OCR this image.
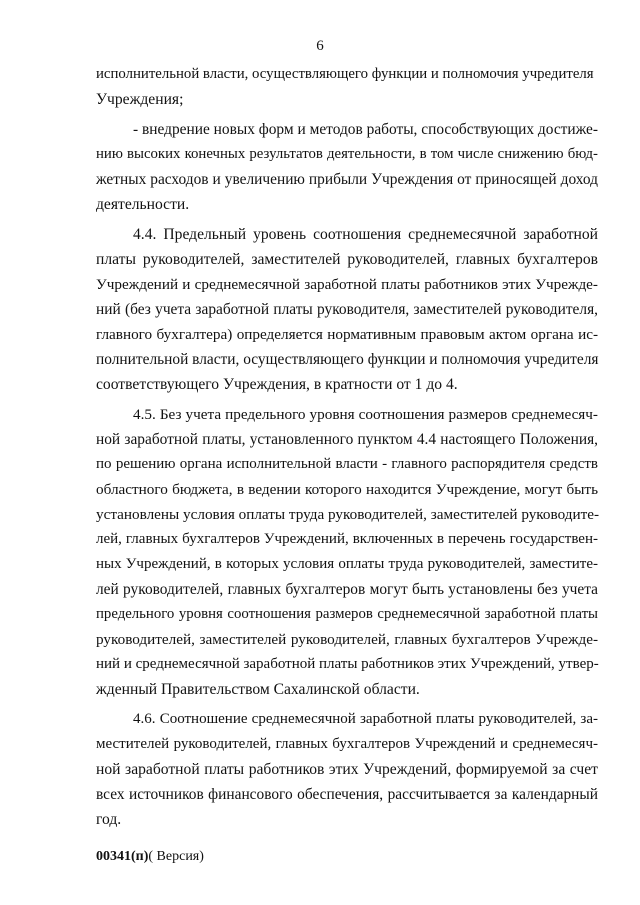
6
исполнительной власти, осуществляющего функции и полномочия учредителя
Учреждения;
- внедрение новых форм и методов работы, способствующих достиже-
нию высоких конечных результатов деятельности, в том числе снижению бюд-
жетных расходов и увеличению прибыли Учреждения от приносящей доход
деятельности.
4.4. Предельный уровень соотношения среднемесячной заработной
платы руководителей, заместителей руководителей, главных бухгалтеров
Учреждений и среднемесячной заработной платы работников этих Учрежде-
ний (без учета заработной платы руководителя, заместителей руководителя,
главного бухгалтера) определяется нормативным правовым актом органа ис-
полнительной власти, осуществляющего функции и полномочия учредителя
соответствующего Учреждения, в кратности от 1 до 4.
4.5. Без учета предельного уровня соотношения размеров среднемесяч-
ной заработной платы, установленного пунктом 4.4 настоящего Положения,
по решению органа исполнительной власти - главного распорядителя средств
областного бюджета, в ведении которого находится Учреждение, могут быть
установлены условия оплаты труда руководителей, заместителей руководите-
лей, главных бухгалтеров Учреждений, включенных в перечень государствен-
ных Учреждений, в которых условия оплаты труда руководителей, заместите-
лей руководителей, главных бухгалтеров могут быть установлены без учета
предельного уровня соотношения размеров среднемесячной заработной платы
руководителей, заместителей руководителей, главных бухгалтеров Учрежде-
ний и среднемесячной заработной платы работников этих Учреждений, утвер-
жденный Правительством Сахалинской области.
4.6. Соотношение среднемесячной заработной платы руководителей, за-
местителей руководителей, главных бухгалтеров Учреждений и среднемесяч-
ной заработной платы работников этих Учреждений, формируемой за счет
всех источников финансового обеспечения, рассчитывается за календарный
год.
00341(п)( Версия)
